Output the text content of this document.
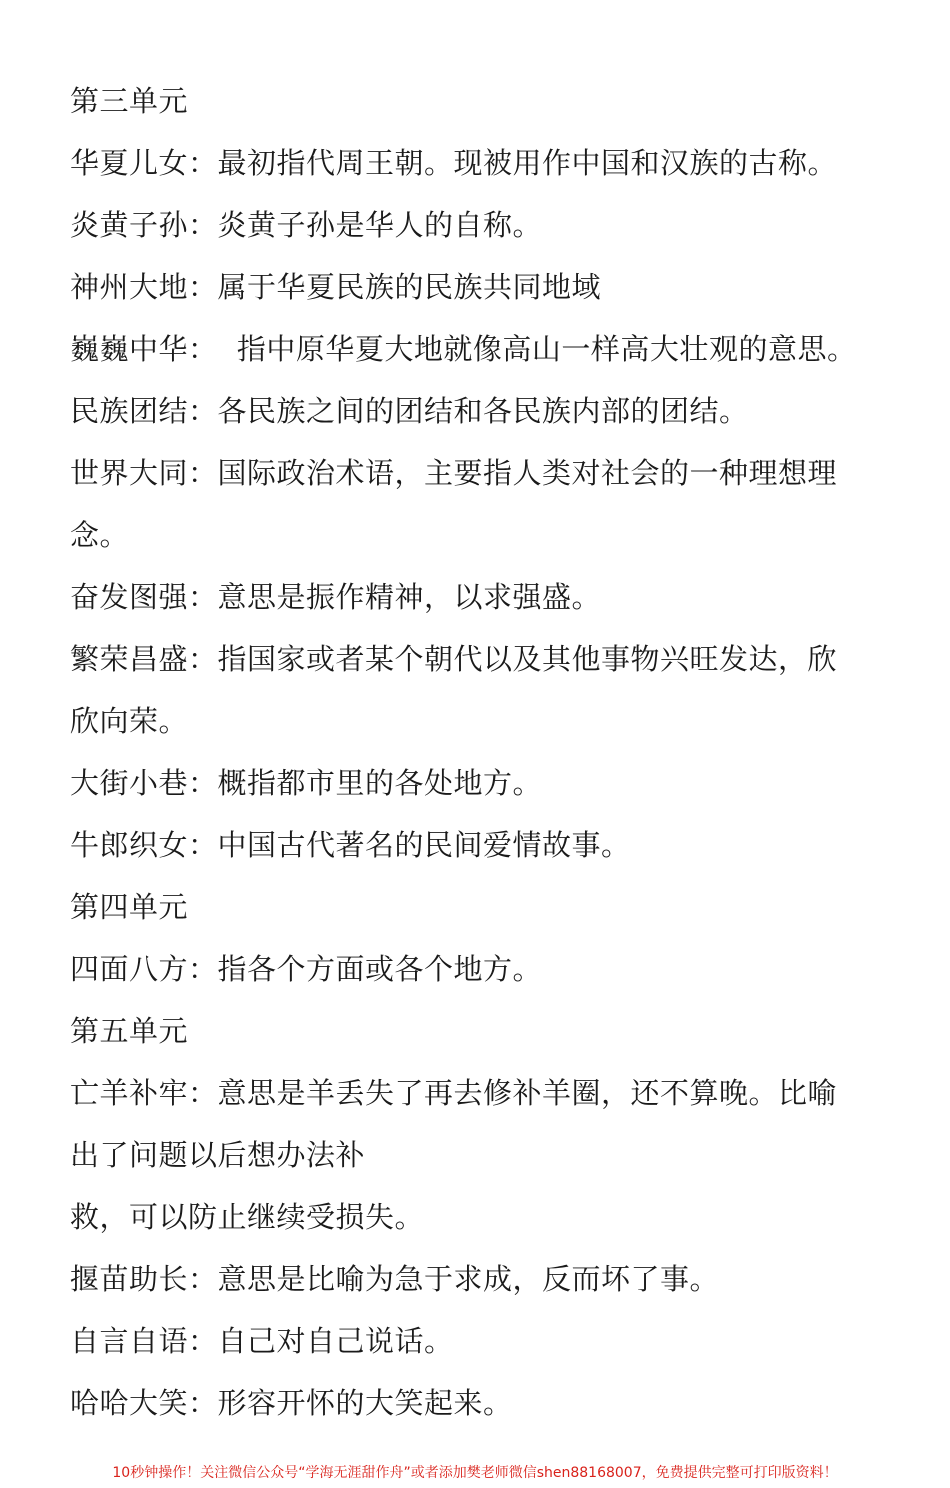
第三单元
华夏儿女：最初指代周王朝。现被用作中国和汉族的古称。
炎黄子孙：炎黄子孙是华人的自称。
神州大地：属于华夏民族的民族共同地域
巍巍中华：  指中原华夏大地就像高山一样高大壮观的意思。
民族团结：各民族之间的团结和各民族内部的团结。
世界大同：国际政治术语，主要指人类对社会的一种理想理
念。
奋发图强：意思是振作精神，以求强盛。
繁荣昌盛：指国家或者某个朝代以及其他事物兴旺发达，欣
欣向荣。
大街小巷：概指都市里的各处地方。
牛郎织女：中国古代著名的民间爱情故事。
第四单元
四面八方：指各个方面或各个地方。
第五单元
亡羊补牢：意思是羊丢失了再去修补羊圈，还不算晚。比喻
出了问题以后想办法补
救，可以防止继续受损失。
揠苗助长：意思是比喻为急于求成，反而坏了事。
自言自语：自己对自己说话。
哈哈大笑：形容开怀的大笑起来。
10秒钟操作！关注微信公众号“学海无涯甜作舟”或者添加樊老师微信shen88168007，免费提供完整可打印版资料！
